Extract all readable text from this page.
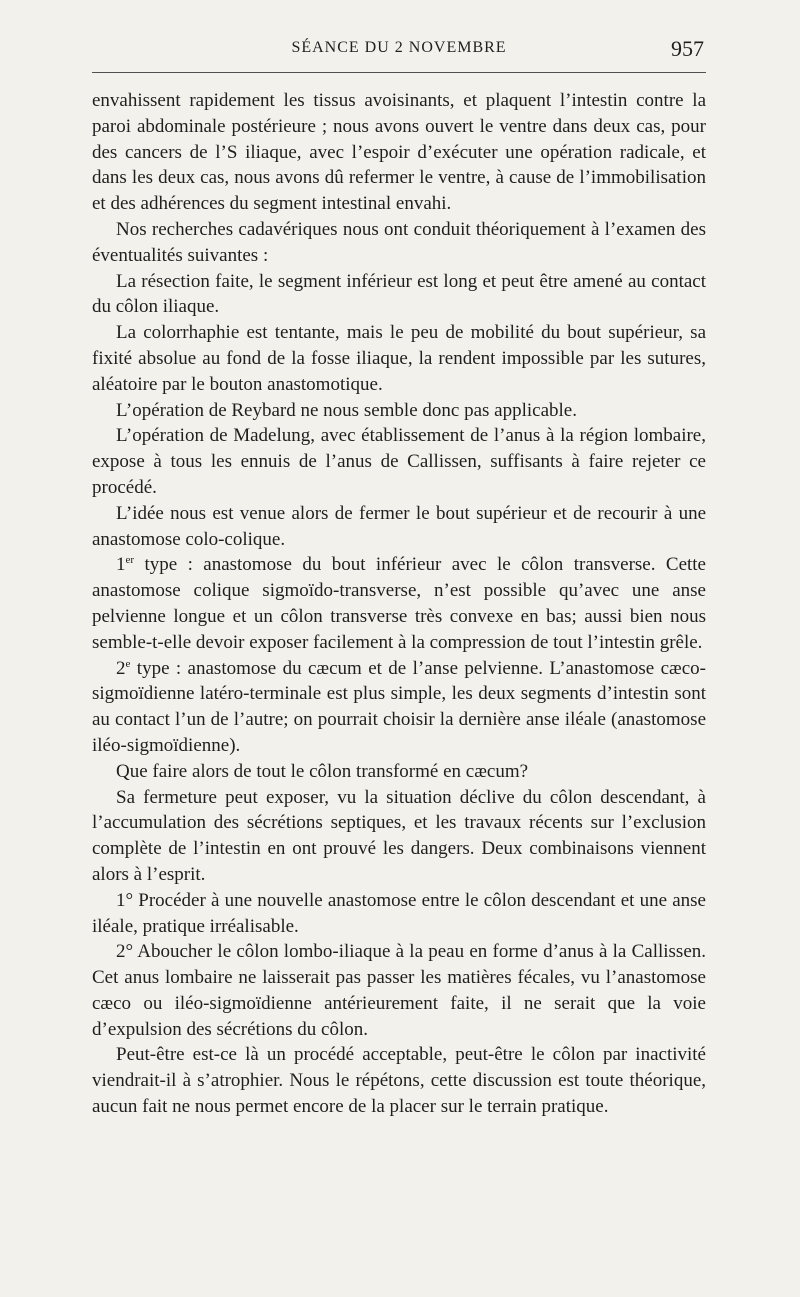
SÉANCE DU 2 NOVEMBRE	957

envahissent rapidement les tissus avoisinants, et plaquent l’intestin contre la paroi abdominale postérieure ; nous avons ouvert le ventre dans deux cas, pour des cancers de l’S iliaque, avec l’espoir d’exécuter une opération radicale, et dans les deux cas, nous avons dû refermer le ventre, à cause de l’immobilisation et des adhérences du segment intestinal envahi.

Nos recherches cadavériques nous ont conduit théoriquement à l’examen des éventualités suivantes :

La résection faite, le segment inférieur est long et peut être amené au contact du côlon iliaque.

La colorrhaphie est tentante, mais le peu de mobilité du bout supérieur, sa fixité absolue au fond de la fosse iliaque, la rendent impossible par les sutures, aléatoire par le bouton anastomotique.

L’opération de Reybard ne nous semble donc pas applicable.

L’opération de Madelung, avec établissement de l’anus à la région lombaire, expose à tous les ennuis de l’anus de Callissen, suffisants à faire rejeter ce procédé.

L’idée nous est venue alors de fermer le bout supérieur et de recourir à une anastomose colo-colique.

1er type : anastomose du bout inférieur avec le côlon transverse. Cette anastomose colique sigmoïdo-transverse, n’est possible qu’avec une anse pelvienne longue et un côlon transverse très convexe en bas; aussi bien nous semble-t-elle devoir exposer facilement à la compression de tout l’intestin grêle.

2e type : anastomose du cæcum et de l’anse pelvienne. L’anastomose cæco-sigmoïdienne latéro-terminale est plus simple, les deux segments d’intestin sont au contact l’un de l’autre; on pourrait choisir la dernière anse iléale (anastomose iléo-sigmoïdienne).

Que faire alors de tout le côlon transformé en cæcum?

Sa fermeture peut exposer, vu la situation déclive du côlon descendant, à l’accumulation des sécrétions septiques, et les travaux récents sur l’exclusion complète de l’intestin en ont prouvé les dangers. Deux combinaisons viennent alors à l’esprit.

1° Procéder à une nouvelle anastomose entre le côlon descendant et une anse iléale, pratique irréalisable.

2° Aboucher le côlon lombo-iliaque à la peau en forme d’anus à la Callissen. Cet anus lombaire ne laisserait pas passer les matières fécales, vu l’anastomose cæco ou iléo-sigmoïdienne antérieurement faite, il ne serait que la voie d’expulsion des sécrétions du côlon.

Peut-être est-ce là un procédé acceptable, peut-être le côlon par inactivité viendrait-il à s’atrophier. Nous le répétons, cette discussion est toute théorique, aucun fait ne nous permet encore de la placer sur le terrain pratique.
